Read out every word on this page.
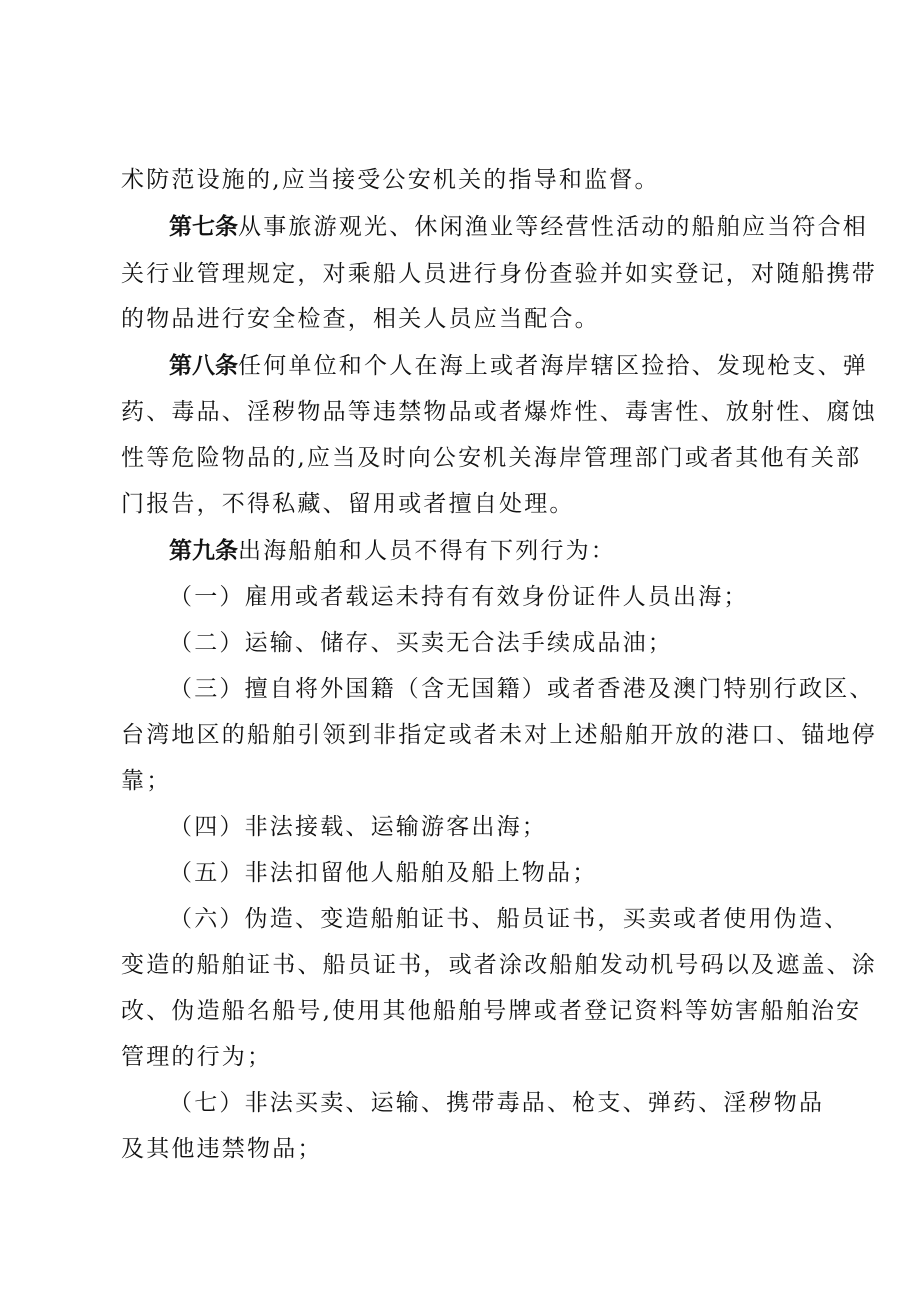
术防范设施的,应当接受公安机关的指导和监督。
第七条从事旅游观光、休闲渔业等经营性活动的船舶应当符合相
关行业管理规定，对乘船人员进行身份查验并如实登记，对随船携带
的物品进行安全检查，相关人员应当配合。
第八条任何单位和个人在海上或者海岸辖区捡拾、发现枪支、弹
药、毒品、淫秽物品等违禁物品或者爆炸性、毒害性、放射性、腐蚀
性等危险物品的,应当及时向公安机关海岸管理部门或者其他有关部
门报告，不得私藏、留用或者擅自处理。
第九条出海船舶和人员不得有下列行为：
（一）雇用或者载运未持有有效身份证件人员出海；
（二）运输、储存、买卖无合法手续成品油；
（三）擅自将外国籍（含无国籍）或者香港及澳门特别行政区、
台湾地区的船舶引领到非指定或者未对上述船舶开放的港口、锚地停
靠；
（四）非法接载、运输游客出海；
（五）非法扣留他人船舶及船上物品；
（六）伪造、变造船舶证书、船员证书，买卖或者使用伪造、
变造的船舶证书、船员证书，或者涂改船舶发动机号码以及遮盖、涂
改、伪造船名船号,使用其他船舶号牌或者登记资料等妨害船舶治安
管理的行为；
（七）非法买卖、运输、携带毒品、枪支、弹药、淫秽物品
及其他违禁物品；
